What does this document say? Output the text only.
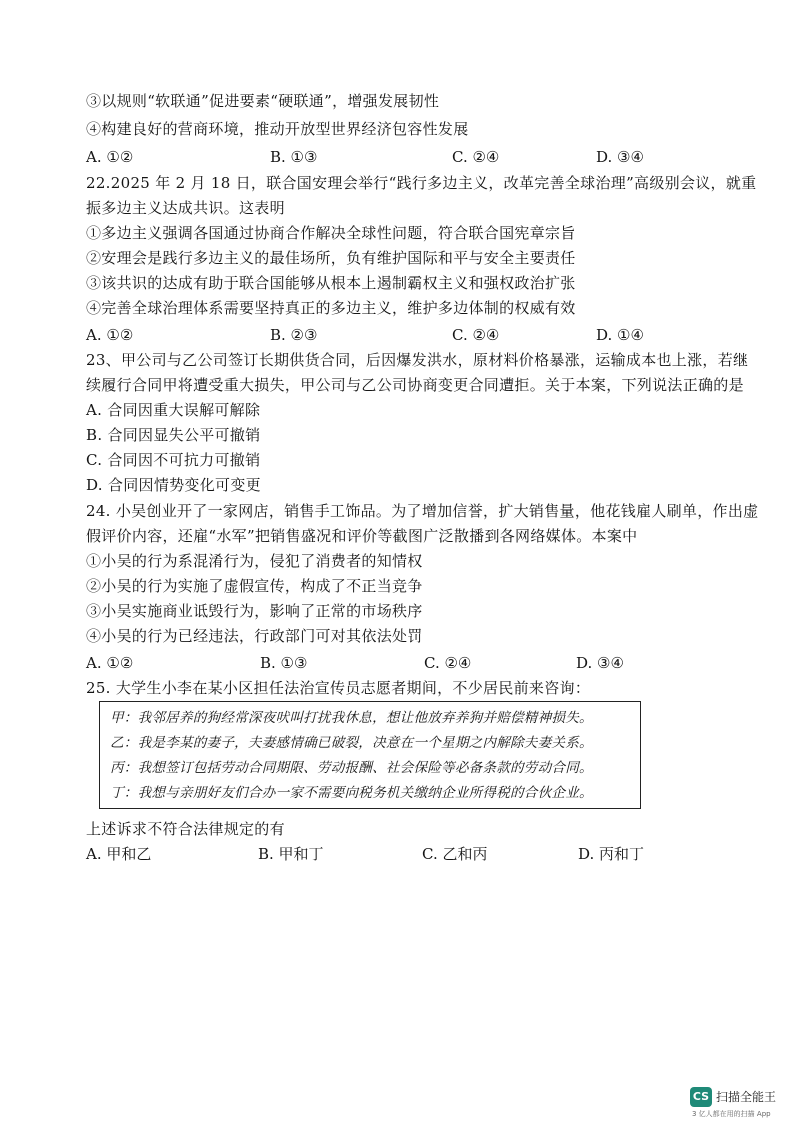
③以规则“软联通”促进要素“硬联通”，增强发展韧性
④构建良好的营商环境，推动开放型世界经济包容性发展
A. ①②	B. ①③	C. ②④	D. ③④
22.2025 年 2 月 18 日，联合国安理会举行“践行多边主义，改革完善全球治理”高级别会议，就重
振多边主义达成共识。这表明
①多边主义强调各国通过协商合作解决全球性问题，符合联合国宪章宗旨
②安理会是践行多边主义的最佳场所，负有维护国际和平与安全主要责任
③该共识的达成有助于联合国能够从根本上遏制霸权主义和强权政治扩张
④完善全球治理体系需要坚持真正的多边主义，维护多边体制的权威有效
A. ①②	B. ②③	C. ②④	D. ①④
23、甲公司与乙公司签订长期供货合同，后因爆发洪水，原材料价格暴涨，运输成本也上涨，若继
续履行合同甲将遭受重大损失，甲公司与乙公司协商变更合同遭拒。关于本案，下列说法正确的是
A. 合同因重大误解可解除
B. 合同因显失公平可撤销
C. 合同因不可抗力可撤销
D. 合同因情势变化可变更
24. 小吴创业开了一家网店，销售手工饰品。为了增加信誉，扩大销售量，他花钱雇人刷单，作出虚
假评价内容，还雇“水军”把销售盛况和评价等截图广泛散播到各网络媒体。本案中
①小吴的行为系混淆行为，侵犯了消费者的知情权
②小吴的行为实施了虚假宣传，构成了不正当竞争
③小吴实施商业诋毁行为，影响了正常的市场秩序
④小吴的行为已经违法，行政部门可对其依法处罚
A. ①②	B. ①③	C. ②④	D. ③④
25. 大学生小李在某小区担任法治宣传员志愿者期间，不少居民前来咨询：
甲：我邻居养的狗经常深夜吠叫打扰我休息，想让他放弃养狗并赔偿精神损失。
乙：我是李某的妻子，夫妻感情确已破裂，决意在一个星期之内解除夫妻关系。
丙：我想签订包括劳动合同期限、劳动报酬、社会保险等必备条款的劳动合同。
丁：我想与亲朋好友们合办一家不需要向税务机关缴纳企业所得税的合伙企业。
上述诉求不符合法律规定的有
A. 甲和乙	B. 甲和丁	C. 乙和丙	D. 丙和丁
CS 扫描全能王
3 亿人都在用的扫描 App
